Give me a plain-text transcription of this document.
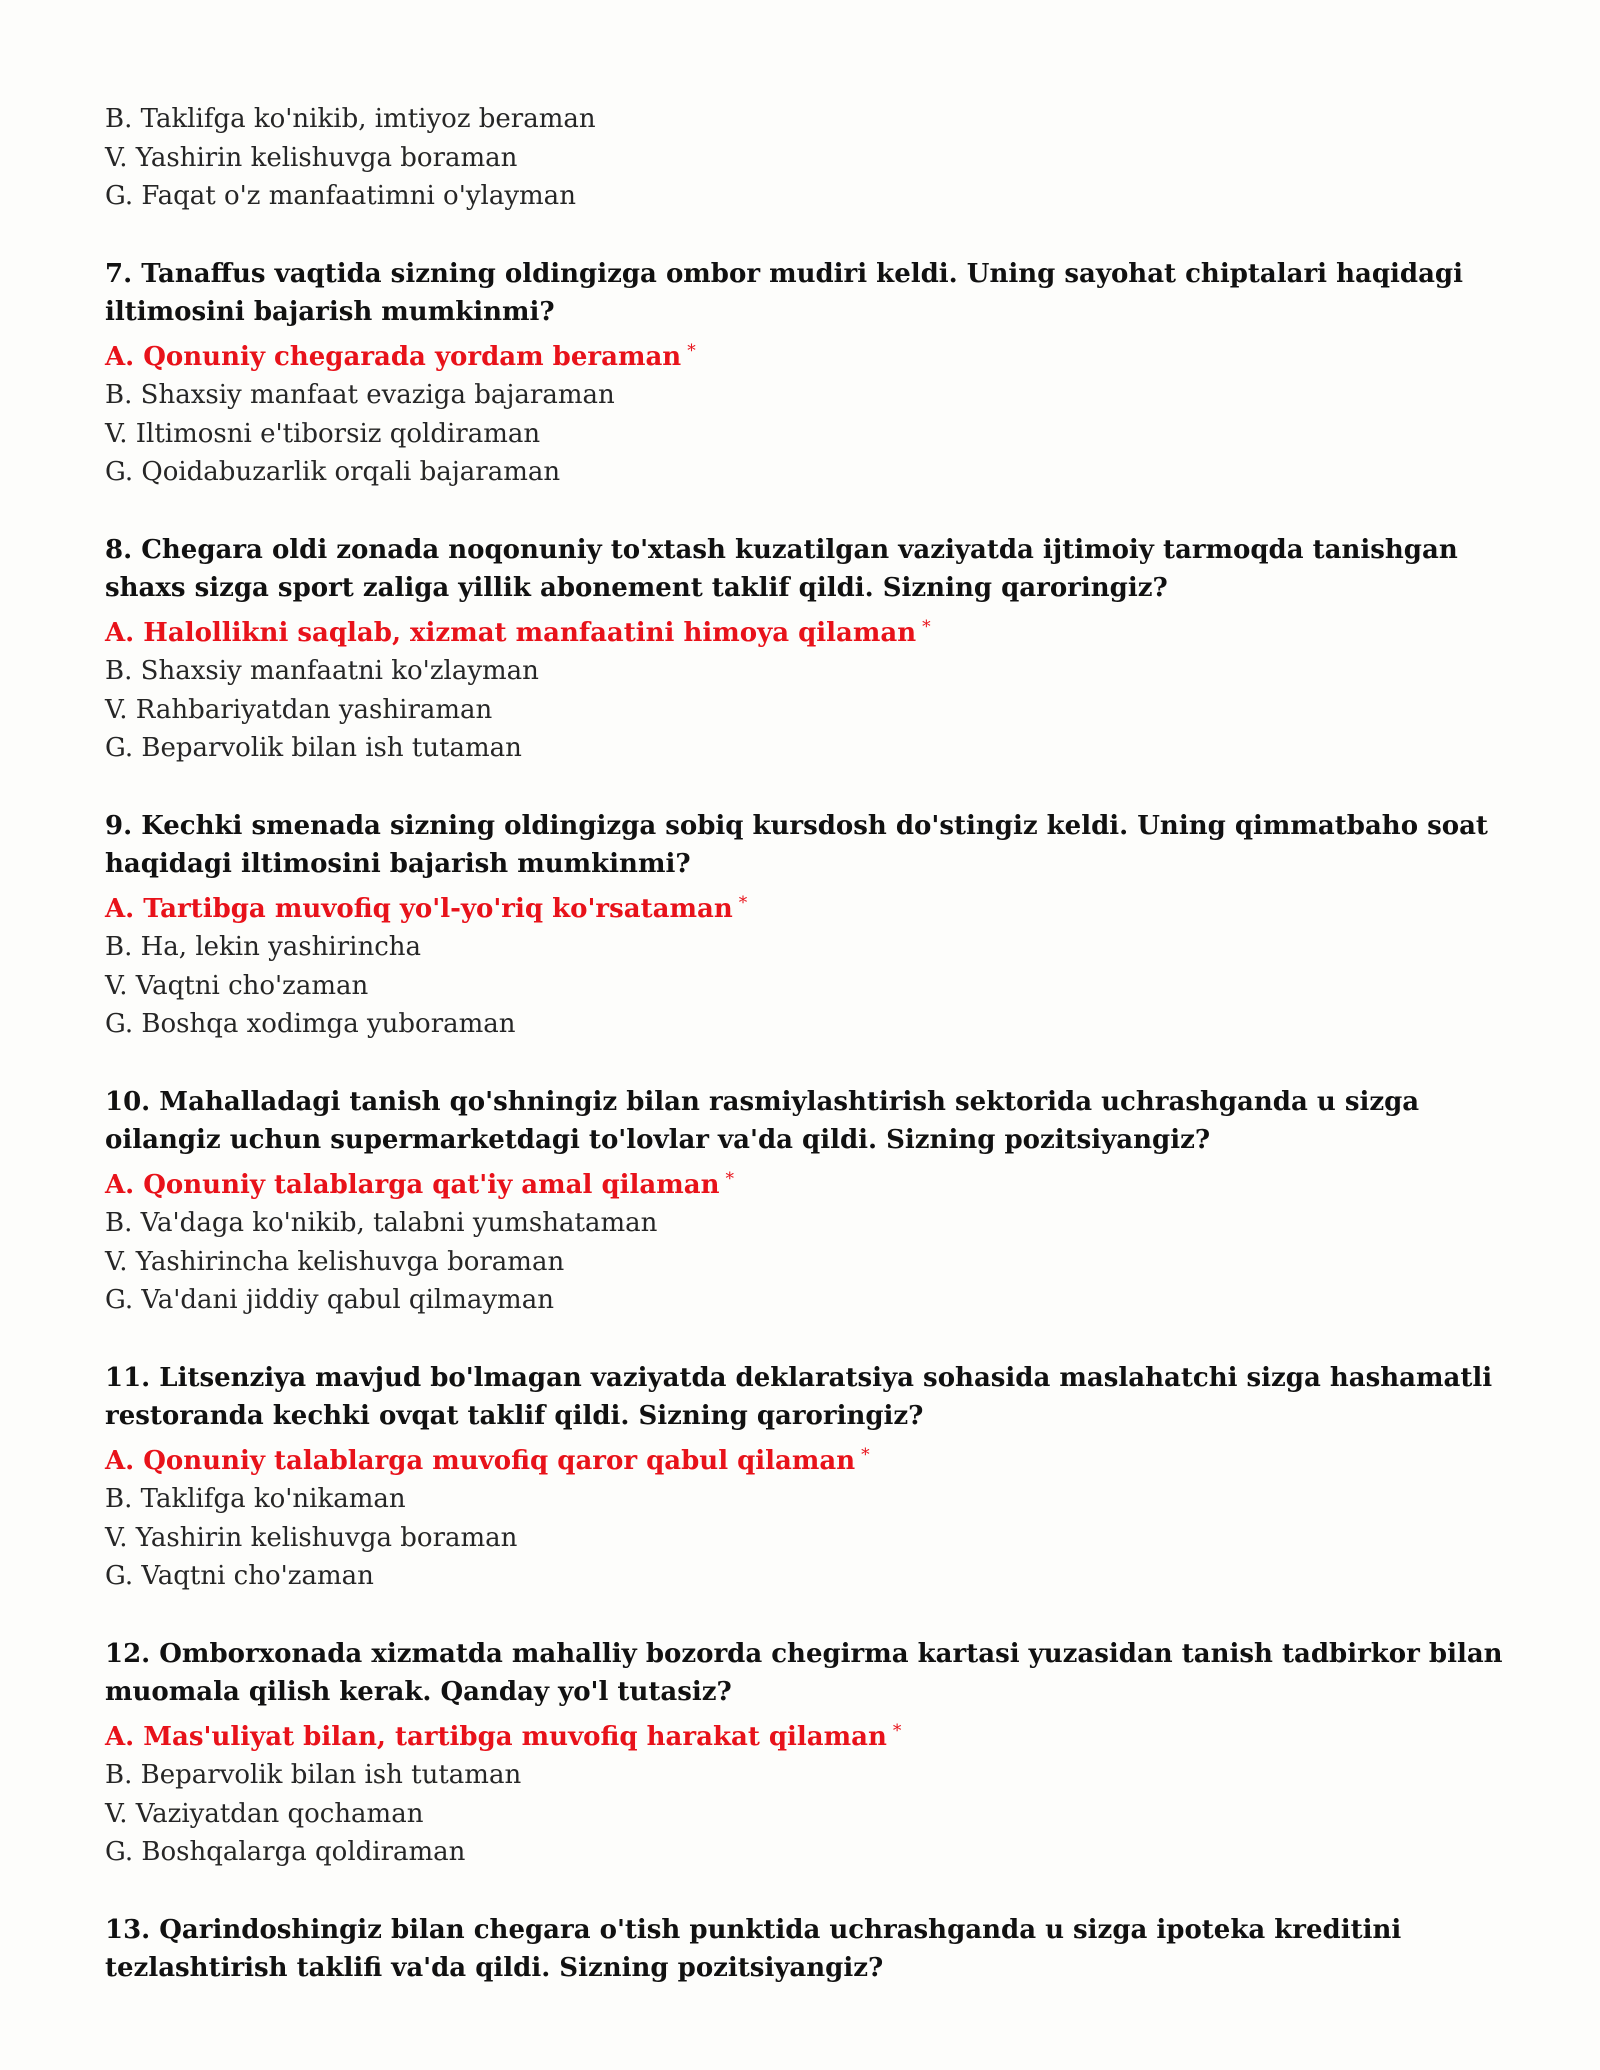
B. Taklifga ko'nikib, imtiyoz beraman
V. Yashirin kelishuvga boraman
G. Faqat o'z manfaatimni o'ylayman
7. Tanaffus vaqtida sizning oldingizga ombor mudiri keldi. Uning sayohat chiptalari haqidagi iltimosini bajarish mumkinmi?
A. Qonuniy chegarada yordam beraman *
B. Shaxsiy manfaat evaziga bajaraman
V. Iltimosni e'tiborsiz qoldiraman
G. Qoidabuzarlik orqali bajaraman
8. Chegara oldi zonada noqonuniy to'xtash kuzatilgan vaziyatda ijtimoiy tarmoqda tanishgan shaxs sizga sport zaliga yillik abonement taklif qildi. Sizning qaroringiz?
A. Halollikni saqlab, xizmat manfaatini himoya qilaman *
B. Shaxsiy manfaatni ko'zlayman
V. Rahbariyatdan yashiraman
G. Beparvolik bilan ish tutaman
9. Kechki smenada sizning oldingizga sobiq kursdosh do'stingiz keldi. Uning qimmatbaho soat haqidagi iltimosini bajarish mumkinmi?
A. Tartibga muvofiq yo'l-yo'riq ko'rsataman *
B. Ha, lekin yashirincha
V. Vaqtni cho'zaman
G. Boshqa xodimga yuboraman
10. Mahalladagi tanish qo'shningiz bilan rasmiylashtirish sektorida uchrashganda u sizga oilangiz uchun supermarketdagi to'lovlar va'da qildi. Sizning pozitsiyangiz?
A. Qonuniy talablarga qat'iy amal qilaman *
B. Va'daga ko'nikib, talabni yumshataman
V. Yashirincha kelishuvga boraman
G. Va'dani jiddiy qabul qilmayman
11. Litsenziya mavjud bo'lmagan vaziyatda deklaratsiya sohasida maslahatchi sizga hashamatli restoranda kechki ovqat taklif qildi. Sizning qaroringiz?
A. Qonuniy talablarga muvofiq qaror qabul qilaman *
B. Taklifga ko'nikaman
V. Yashirin kelishuvga boraman
G. Vaqtni cho'zaman
12. Omborxonada xizmatda mahalliy bozorda chegirma kartasi yuzasidan tanish tadbirkor bilan muomala qilish kerak. Qanday yo'l tutasiz?
A. Mas'uliyat bilan, tartibga muvofiq harakat qilaman *
B. Beparvolik bilan ish tutaman
V. Vaziyatdan qochaman
G. Boshqalarga qoldiraman
13. Qarindoshingiz bilan chegara o'tish punktida uchrashganda u sizga ipoteka kreditini tezlashtirish taklifi va'da qildi. Sizning pozitsiyangiz?
